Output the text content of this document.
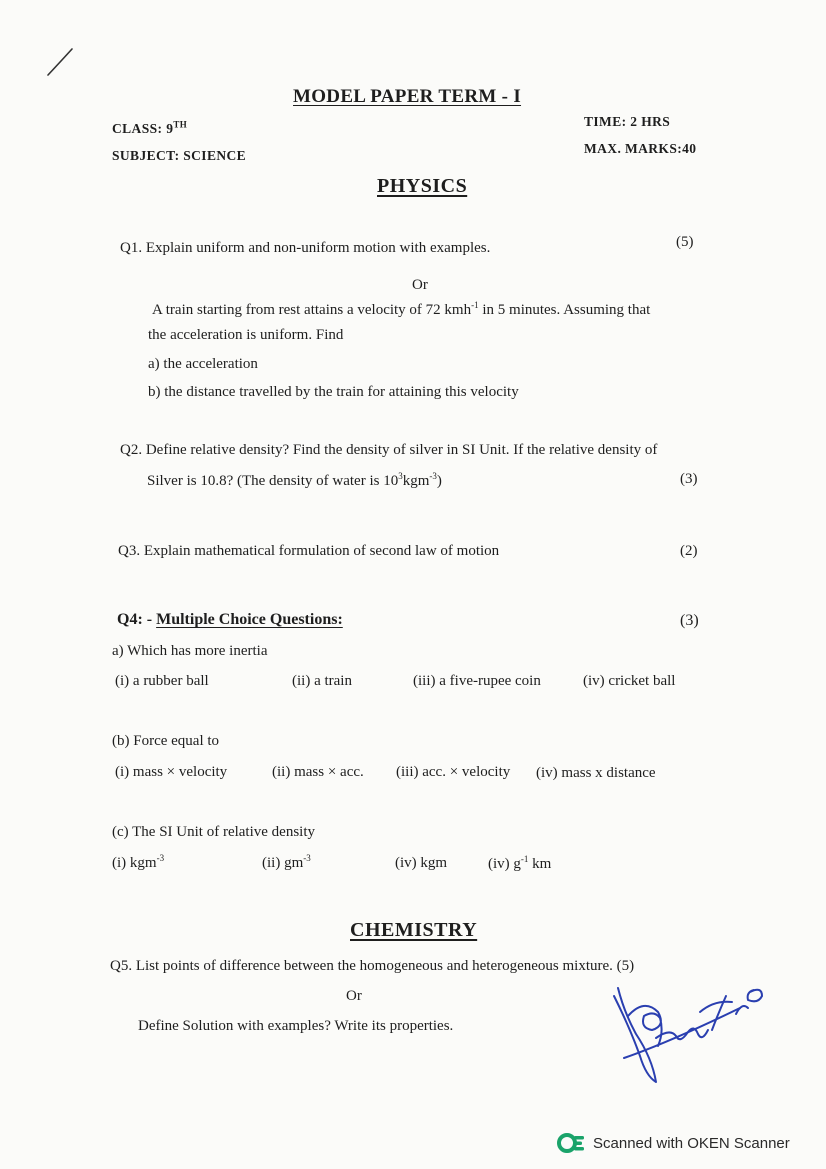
MODEL PAPER TERM - I
CLASS: 9TH
SUBJECT: SCIENCE
TIME: 2 HRS
MAX. MARKS:40
PHYSICS
Q1. Explain uniform and non-uniform motion with examples.	(5)
Or
A train starting from rest attains a velocity of 72 kmh$^{-1}$ in 5 minutes. Assuming that
the acceleration is uniform. Find
a) the acceleration
b) the distance travelled by the train for attaining this velocity
Q2. Define relative density? Find the density of silver in SI Unit. If the relative density of
Silver is 10.8? (The density of water is $10^3kgm^{-3}$)	(3)
Q3. Explain mathematical formulation of second law of motion	(2)
Q4: - Multiple Choice Questions:	(3)
a) Which has more inertia
(i) a rubber ball	(ii) a train	(iii) a five-rupee coin	(iv) cricket ball
(b) Force equal to
(i) mass × velocity	(ii) mass × acc. (iii) acc. × velocity (iv) mass x distance
(c) The SI Unit of relative density
(i) kgm$^{-3}$	(ii) $gm^{-3}$	(iv) kgm	(iv) $g^{-1}$ km
CHEMISTRY
Q5. List points of difference between the homogeneous and heterogeneous mixture. (5)
Or
Define Solution with examples? Write its properties.
Scanned with OKEN Scanner
